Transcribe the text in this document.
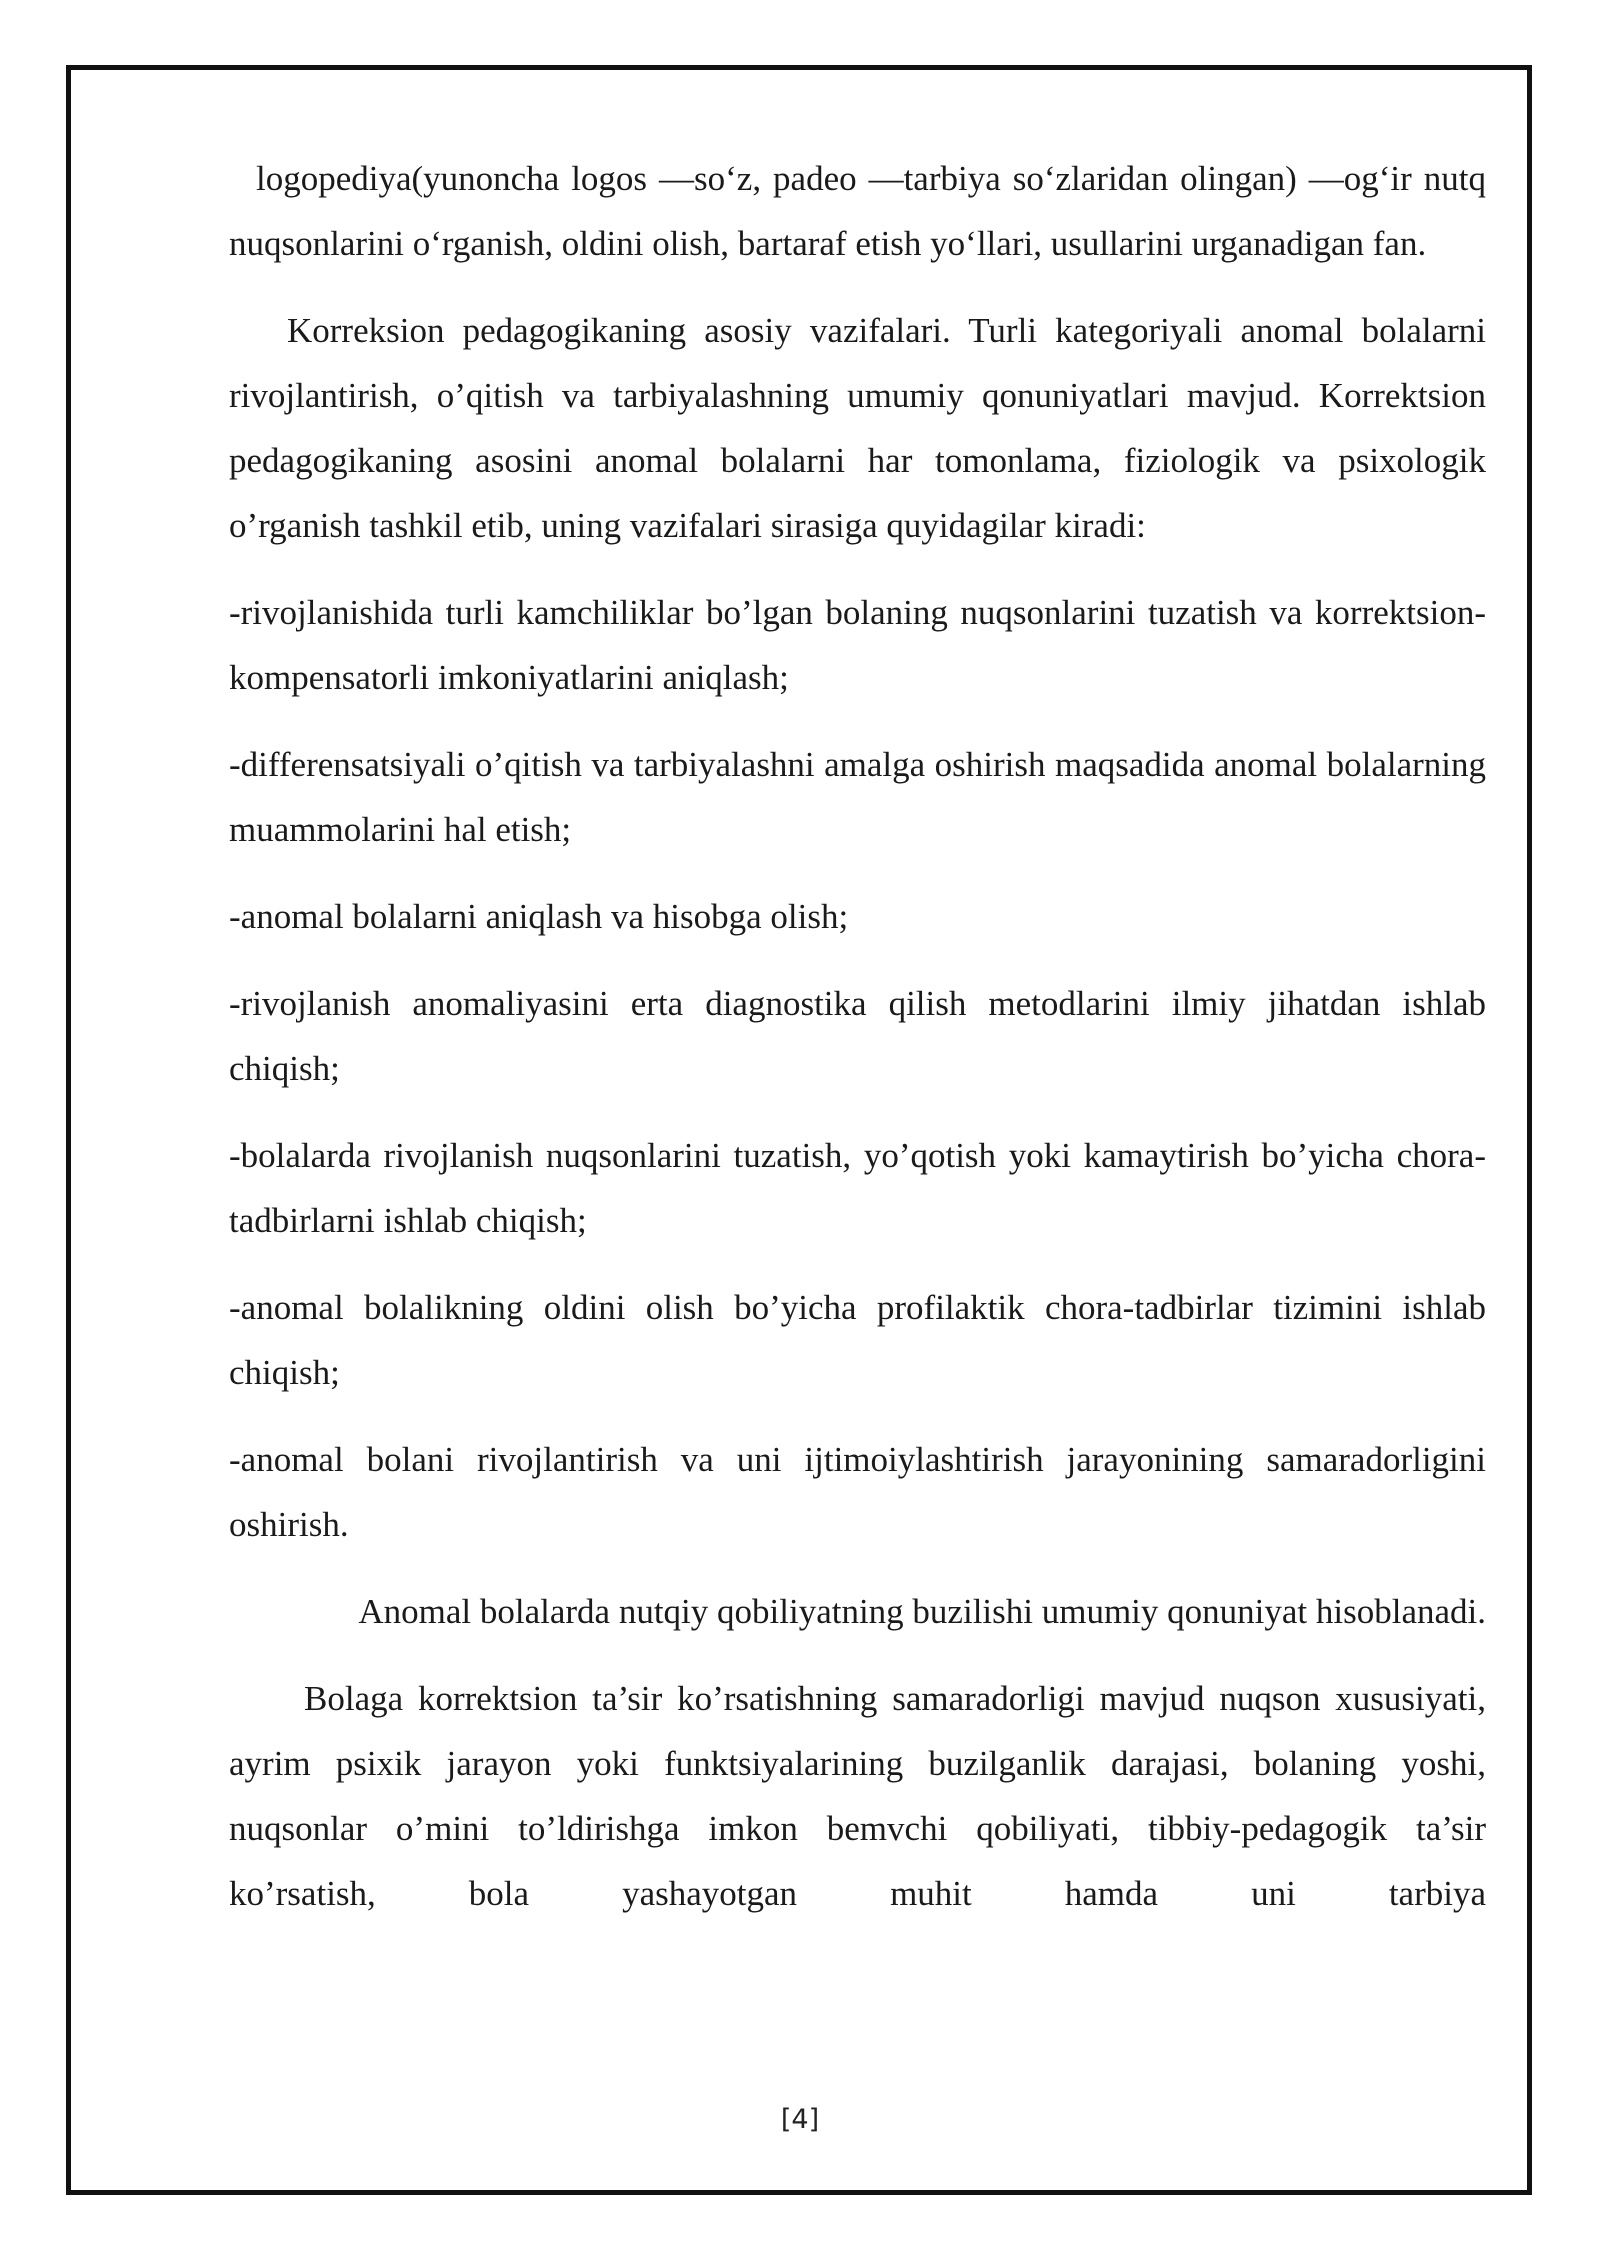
logopediya(yunoncha logos —so‘z, padeo —tarbiya so‘zlaridan olingan) —og‘ir nutq nuqsonlarini o‘rganish, oldini olish, bartaraf etish yo‘llari, usullarini urganadigan fan.

Korreksion pedagogikaning asosiy vazifalari. Turli kategoriyali anomal bolalarni rivojlantirish, o’qitish va tarbiyalashning umumiy qonuniyatlari mavjud. Korrektsion pedagogikaning asosini anomal bolalarni har tomonlama, fiziologik va psixologik o’rganish tashkil etib, uning vazifalari sirasiga quyidagilar kiradi:

-rivojlanishida turli kamchiliklar bo’lgan bolaning nuqsonlarini tuzatish va korrektsion-kompensatorli imkoniyatlarini aniqlash;

-differensatsiyali o’qitish va tarbiyalashni amalga oshirish maqsadida anomal bolalarning muammolarini hal etish;

-anomal bolalarni aniqlash va hisobga olish;

-rivojlanish anomaliyasini erta diagnostika qilish metodlarini ilmiy jihatdan ishlab chiqish;

-bolalarda rivojlanish nuqsonlarini tuzatish, yo’qotish yoki kamaytirish bo’yicha chora-tadbirlarni ishlab chiqish;

-anomal bolalikning oldini olish bo’yicha profilaktik chora-tadbirlar tizimini ishlab chiqish;

-anomal bolani rivojlantirish va uni ijtimoiylashtirish jarayonining samaradorligini oshirish.

Anomal bolalarda nutqiy qobiliyatning buzilishi umumiy qonuniyat hisoblanadi.

Bolaga korrektsion ta’sir ko’rsatishning samaradorligi mavjud nuqson xususiyati, ayrim psixik jarayon yoki funktsiyalarining buzilganlik darajasi, bolaning yoshi, nuqsonlar o’mini to’ldirishga imkon bemvchi qobiliyati, tibbiy-pedagogik ta’sir ko’rsatish, bola yashayotgan muhit hamda uni tarbiya

[4]
